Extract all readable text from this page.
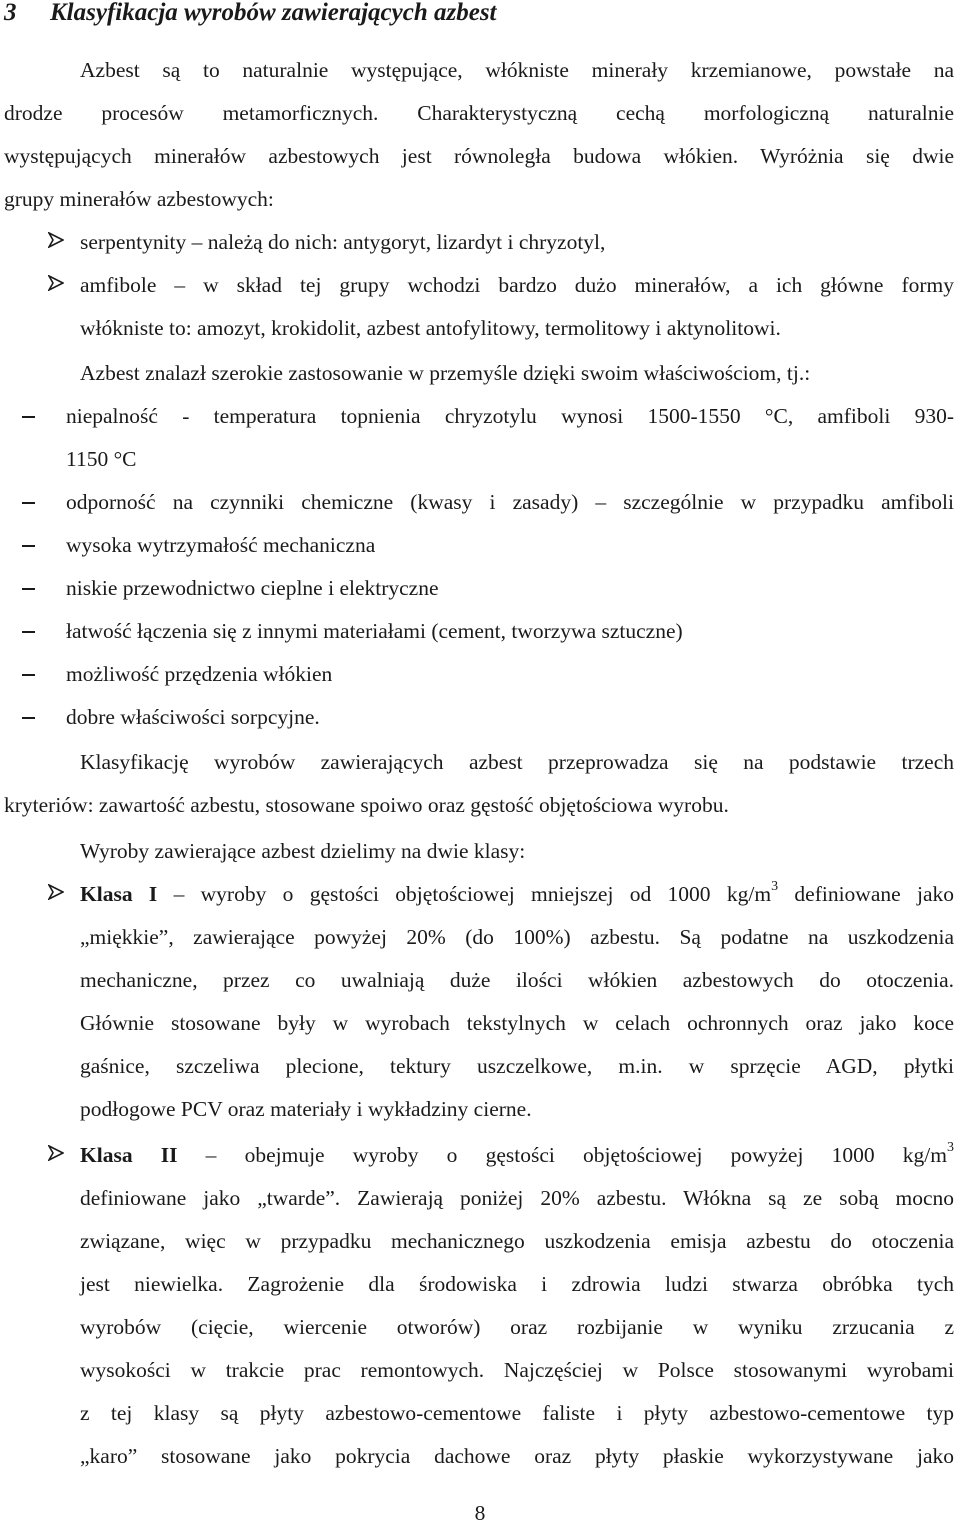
3 Klasyfikacja wyrobów zawierających azbest
Azbest są to naturalnie występujące, włókniste minerały krzemianowe, powstałe na
drodze procesów metamorficznych. Charakterystyczną cechą morfologiczną naturalnie
występujących minerałów azbestowych jest równoległa budowa włókien. Wyróżnia się dwie
grupy minerałów azbestowych:
serpentynity – należą do nich: antygoryt, lizardyt i chryzotyl,
amfibole – w skład tej grupy wchodzi bardzo dużo minerałów, a ich główne formy
włókniste to: amozyt, krokidolit, azbest antofylitowy, termolitowy i aktynolitowi.
Azbest znalazł szerokie zastosowanie w przemyśle dzięki swoim właściwościom, tj.:
niepalność - temperatura topnienia chryzotylu wynosi 1500-1550 °C, amfiboli 930-
1150 °C
odporność na czynniki chemiczne (kwasy i zasady) – szczególnie w przypadku amfiboli
wysoka wytrzymałość mechaniczna
niskie przewodnictwo cieplne i elektryczne
łatwość łączenia się z innymi materiałami (cement, tworzywa sztuczne)
możliwość przędzenia włókien
dobre właściwości sorpcyjne.
Klasyfikację wyrobów zawierających azbest przeprowadza się na podstawie trzech
kryteriów: zawartość azbestu, stosowane spoiwo oraz gęstość objętościowa wyrobu.
Wyroby zawierające azbest dzielimy na dwie klasy:
Klasa I – wyroby o gęstości objętościowej mniejszej od 1000 $kg/m^3$ definiowane jako
„miękkie”, zawierające powyżej 20% (do 100%) azbestu. Są podatne na uszkodzenia
mechaniczne, przez co uwalniają duże ilości włókien azbestowych do otoczenia.
Głównie stosowane były w wyrobach tekstylnych w celach ochronnych oraz jako koce
gaśnice, szczeliwa plecione, tektury uszczelkowe, m.in. w sprzęcie AGD, płytki
podłogowe PCV oraz materiały i wykładziny cierne.
Klasa II – obejmuje wyroby o gęstości objętościowej powyżej 1000 $kg/m^3$
definiowane jako „twarde”. Zawierają poniżej 20% azbestu. Włókna są ze sobą mocno
związane, więc w przypadku mechanicznego uszkodzenia emisja azbestu do otoczenia
jest niewielka. Zagrożenie dla środowiska i zdrowia ludzi stwarza obróbka tych
wyrobów (cięcie, wiercenie otworów) oraz rozbijanie w wyniku zrzucania z
wysokości w trakcie prac remontowych. Najczęściej w Polsce stosowanymi wyrobami
z tej klasy są płyty azbestowo-cementowe faliste i płyty azbestowo-cementowe typ
„karo” stosowane jako pokrycia dachowe oraz płyty płaskie wykorzystywane jako
8
